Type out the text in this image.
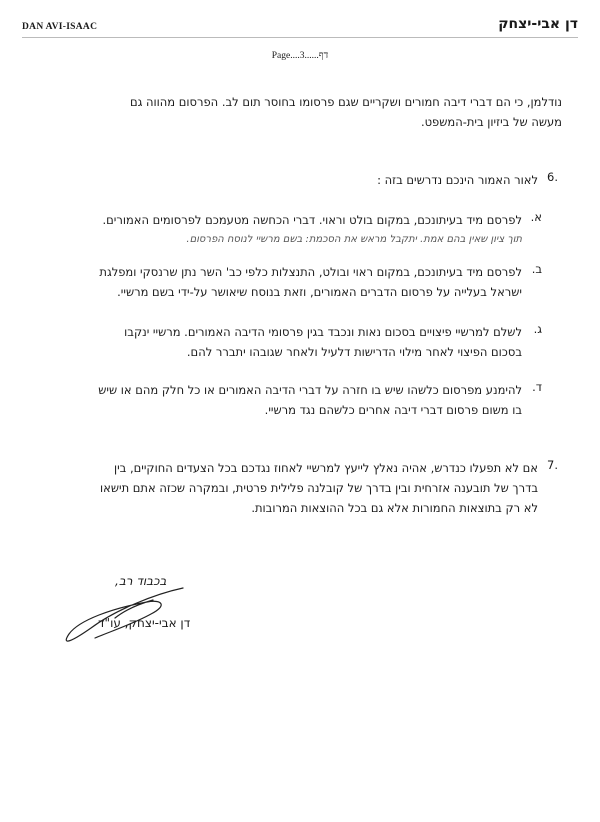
DAN AVI-ISAAC	דן אבי-יצחק
Page....3......דף
נודלמן, כי הם דברי דיבה חמורים ושקריים שגם פרסומו בחוסר תום לב. הפרסום מהווה גם
מעשה של ביזיון בית-המשפט.
.6
לאור האמור הינכם נדרשים בזה :
א.
לפרסם מיד בעיתונכם, במקום בולט וראוי. דברי הכחשה מטעמכם לפרסומים האמורים.
תוך ציון שאין בהם אמת. יתקבל מראש את הסכמת: בשם מרשיי לנוסח הפרסום.
ב.
לפרסם מיד בעיתונכם, במקום ראוי ובולט, התנצלות כלפי כב' השר נתן שרנסקי ומפלגת
ישראל בעלייה על פרסום הדברים האמורים, וזאת בנוסח שיאושר על-ידי בשם מרשיי.
ג.
לשלם למרשיי פיצויים בסכום נאות ונכבד בגין פרסומי הדיבה האמורים. מרשיי ינקבו
בסכום הפיצוי לאחר מילוי הדרישות דלעיל ולאחר שגובהו יתברר להם.
ד.
להימנע מפרסום כלשהו שיש בו חזרה על דברי הדיבה האמורים או כל חלק מהם או שיש
בו משום פרסום דברי דיבה אחרים כלשהם נגד מרשיי.
.7
אם לא תפעלו כנדרש, אהיה נאלץ לייעץ למרשיי לאחוז נגדכם בכל הצעדים החוקיים, בין
בדרך של תובענה אזרחית ובין בדרך של קובלנה פלילית פרטית, ובמקרה שכזה אתם תישאו
לא רק בתוצאות החמורות אלא גם בכל ההוצאות המרובות.
בכבוד רב,
דן אבי-יצחק, עו"ד
